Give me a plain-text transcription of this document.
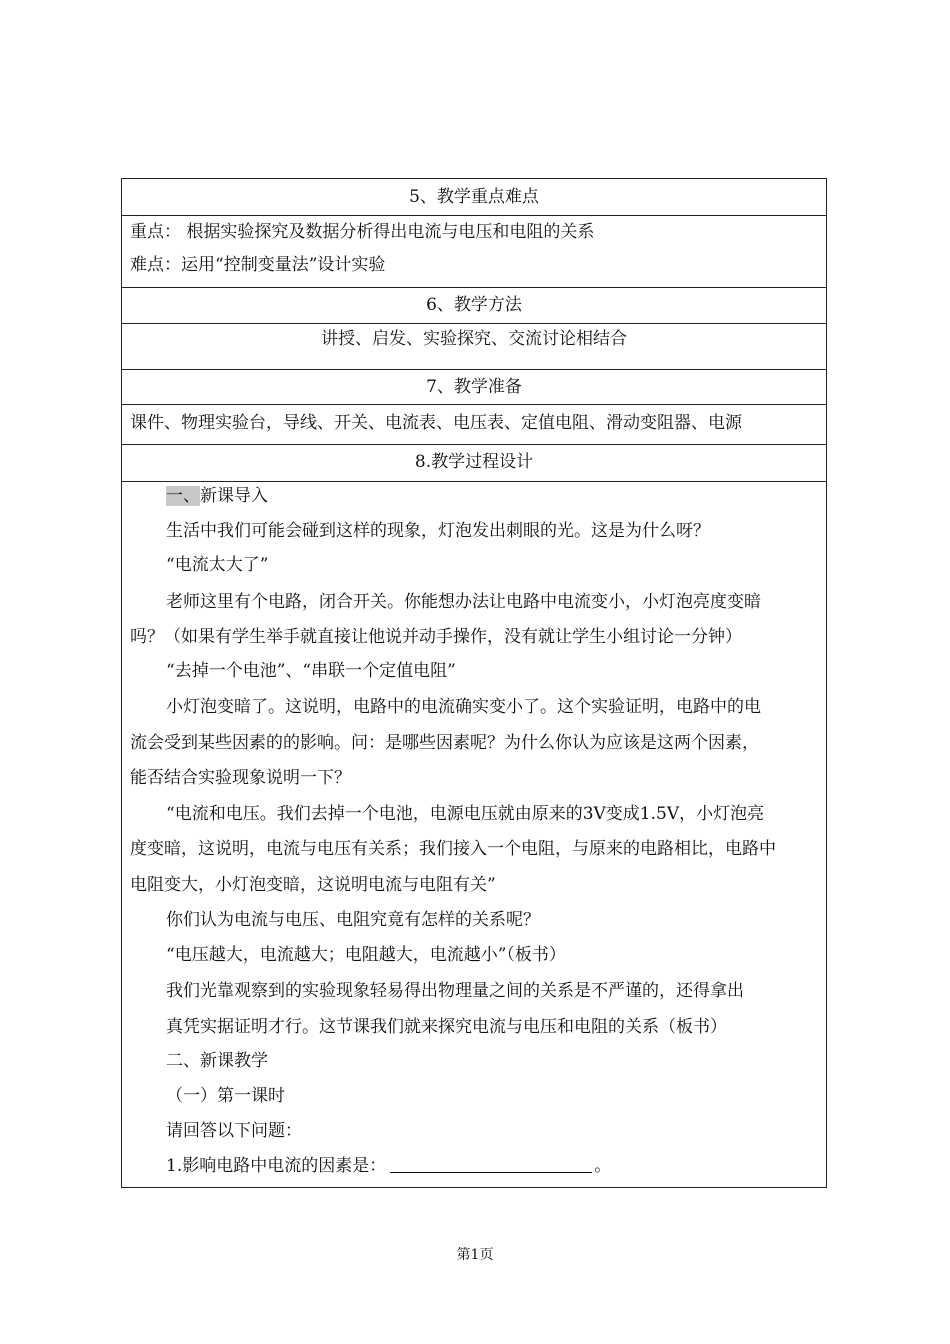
5、教学重点难点
重点： 根据实验探究及数据分析得出电流与电压和电阻的关系
难点：运用“控制变量法”设计实验
6、教学方法
讲授、启发、实验探究、交流讨论相结合
7、教学准备
课件、物理实验台，导线、开关、电流表、电压表、定值电阻、滑动变阻器、电源
8.教学过程设计
一、新课导入
生活中我们可能会碰到这样的现象，灯泡发出刺眼的光。这是为什么呀？
“电流太大了”
老师这里有个电路，闭合开关。你能想办法让电路中电流变小，小灯泡亮度变暗
吗？（如果有学生举手就直接让他说并动手操作，没有就让学生小组讨论一分钟）
“去掉一个电池”、“串联一个定值电阻”
小灯泡变暗了。这说明，电路中的电流确实变小了。这个实验证明，电路中的电
流会受到某些因素的的影响。问：是哪些因素呢？为什么你认为应该是这两个因素，
能否结合实验现象说明一下？
“电流和电压。我们去掉一个电池，电源电压就由原来的3V变成1.5V，小灯泡亮
度变暗，这说明，电流与电压有关系；我们接入一个电阻，与原来的电路相比，电路中
电阻变大，小灯泡变暗，这说明电流与电阻有关”
你们认为电流与电压、电阻究竟有怎样的关系呢？
“电压越大，电流越大；电阻越大，电流越小”（板书）
我们光靠观察到的实验现象轻易得出物理量之间的关系是不严谨的，还得拿出
真凭实据证明才行。这节课我们就来探究电流与电压和电阻的关系（板书）
二、新课教学
（一）第一课时
请回答以下问题：
1.影响电路中电流的因素是：	。
第1页
